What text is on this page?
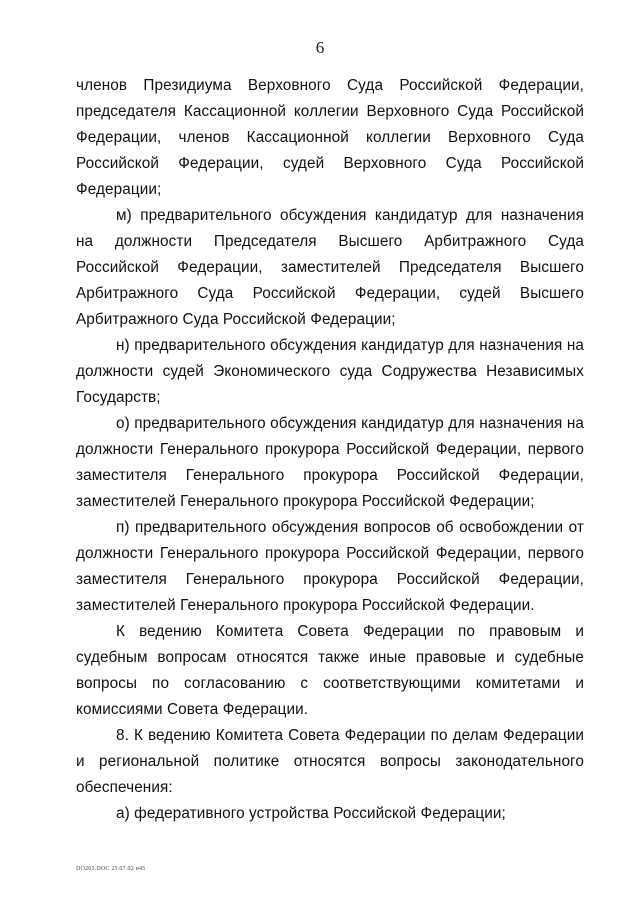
6

членов Президиума Верховного Суда Российской Федерации, председателя Кассационной коллегии Верховного Суда Российской Федерации, членов Кассационной коллегии Верховного Суда Российской Федерации, судей Верховного Суда Российской Федерации;

м) предварительного обсуждения кандидатур для назначения на должности Председателя Высшего Арбитражного Суда Российской Федерации, заместителей Председателя Высшего Арбитражного Суда Российской Федерации, судей Высшего Арбитражного Суда Российской Федерации;

н) предварительного обсуждения кандидатур для назначения на должности судей Экономического суда Содружества Независимых Государств;

о) предварительного обсуждения кандидатур для назначения на должности Генерального прокурора Российской Федерации, первого заместителя Генерального прокурора Российской Федерации, заместителей Генерального прокурора Российской Федерации;

п) предварительного обсуждения вопросов об освобождении от должности Генерального прокурора Российской Федерации, первого заместителя Генерального прокурора Российской Федерации, заместителей Генерального прокурора Российской Федерации.

К ведению Комитета Совета Федерации по правовым и судебным вопросам относятся также иные правовые и судебные вопросы по согласованию с соответствующими комитетами и комиссиями Совета Федерации.

8. К ведению Комитета Совета Федерации по делам Федерации и региональной политике относятся вопросы законодательного обеспечения:

а) федеративного устройства Российской Федерации;

DO265.DOC 25.07.02 н45
